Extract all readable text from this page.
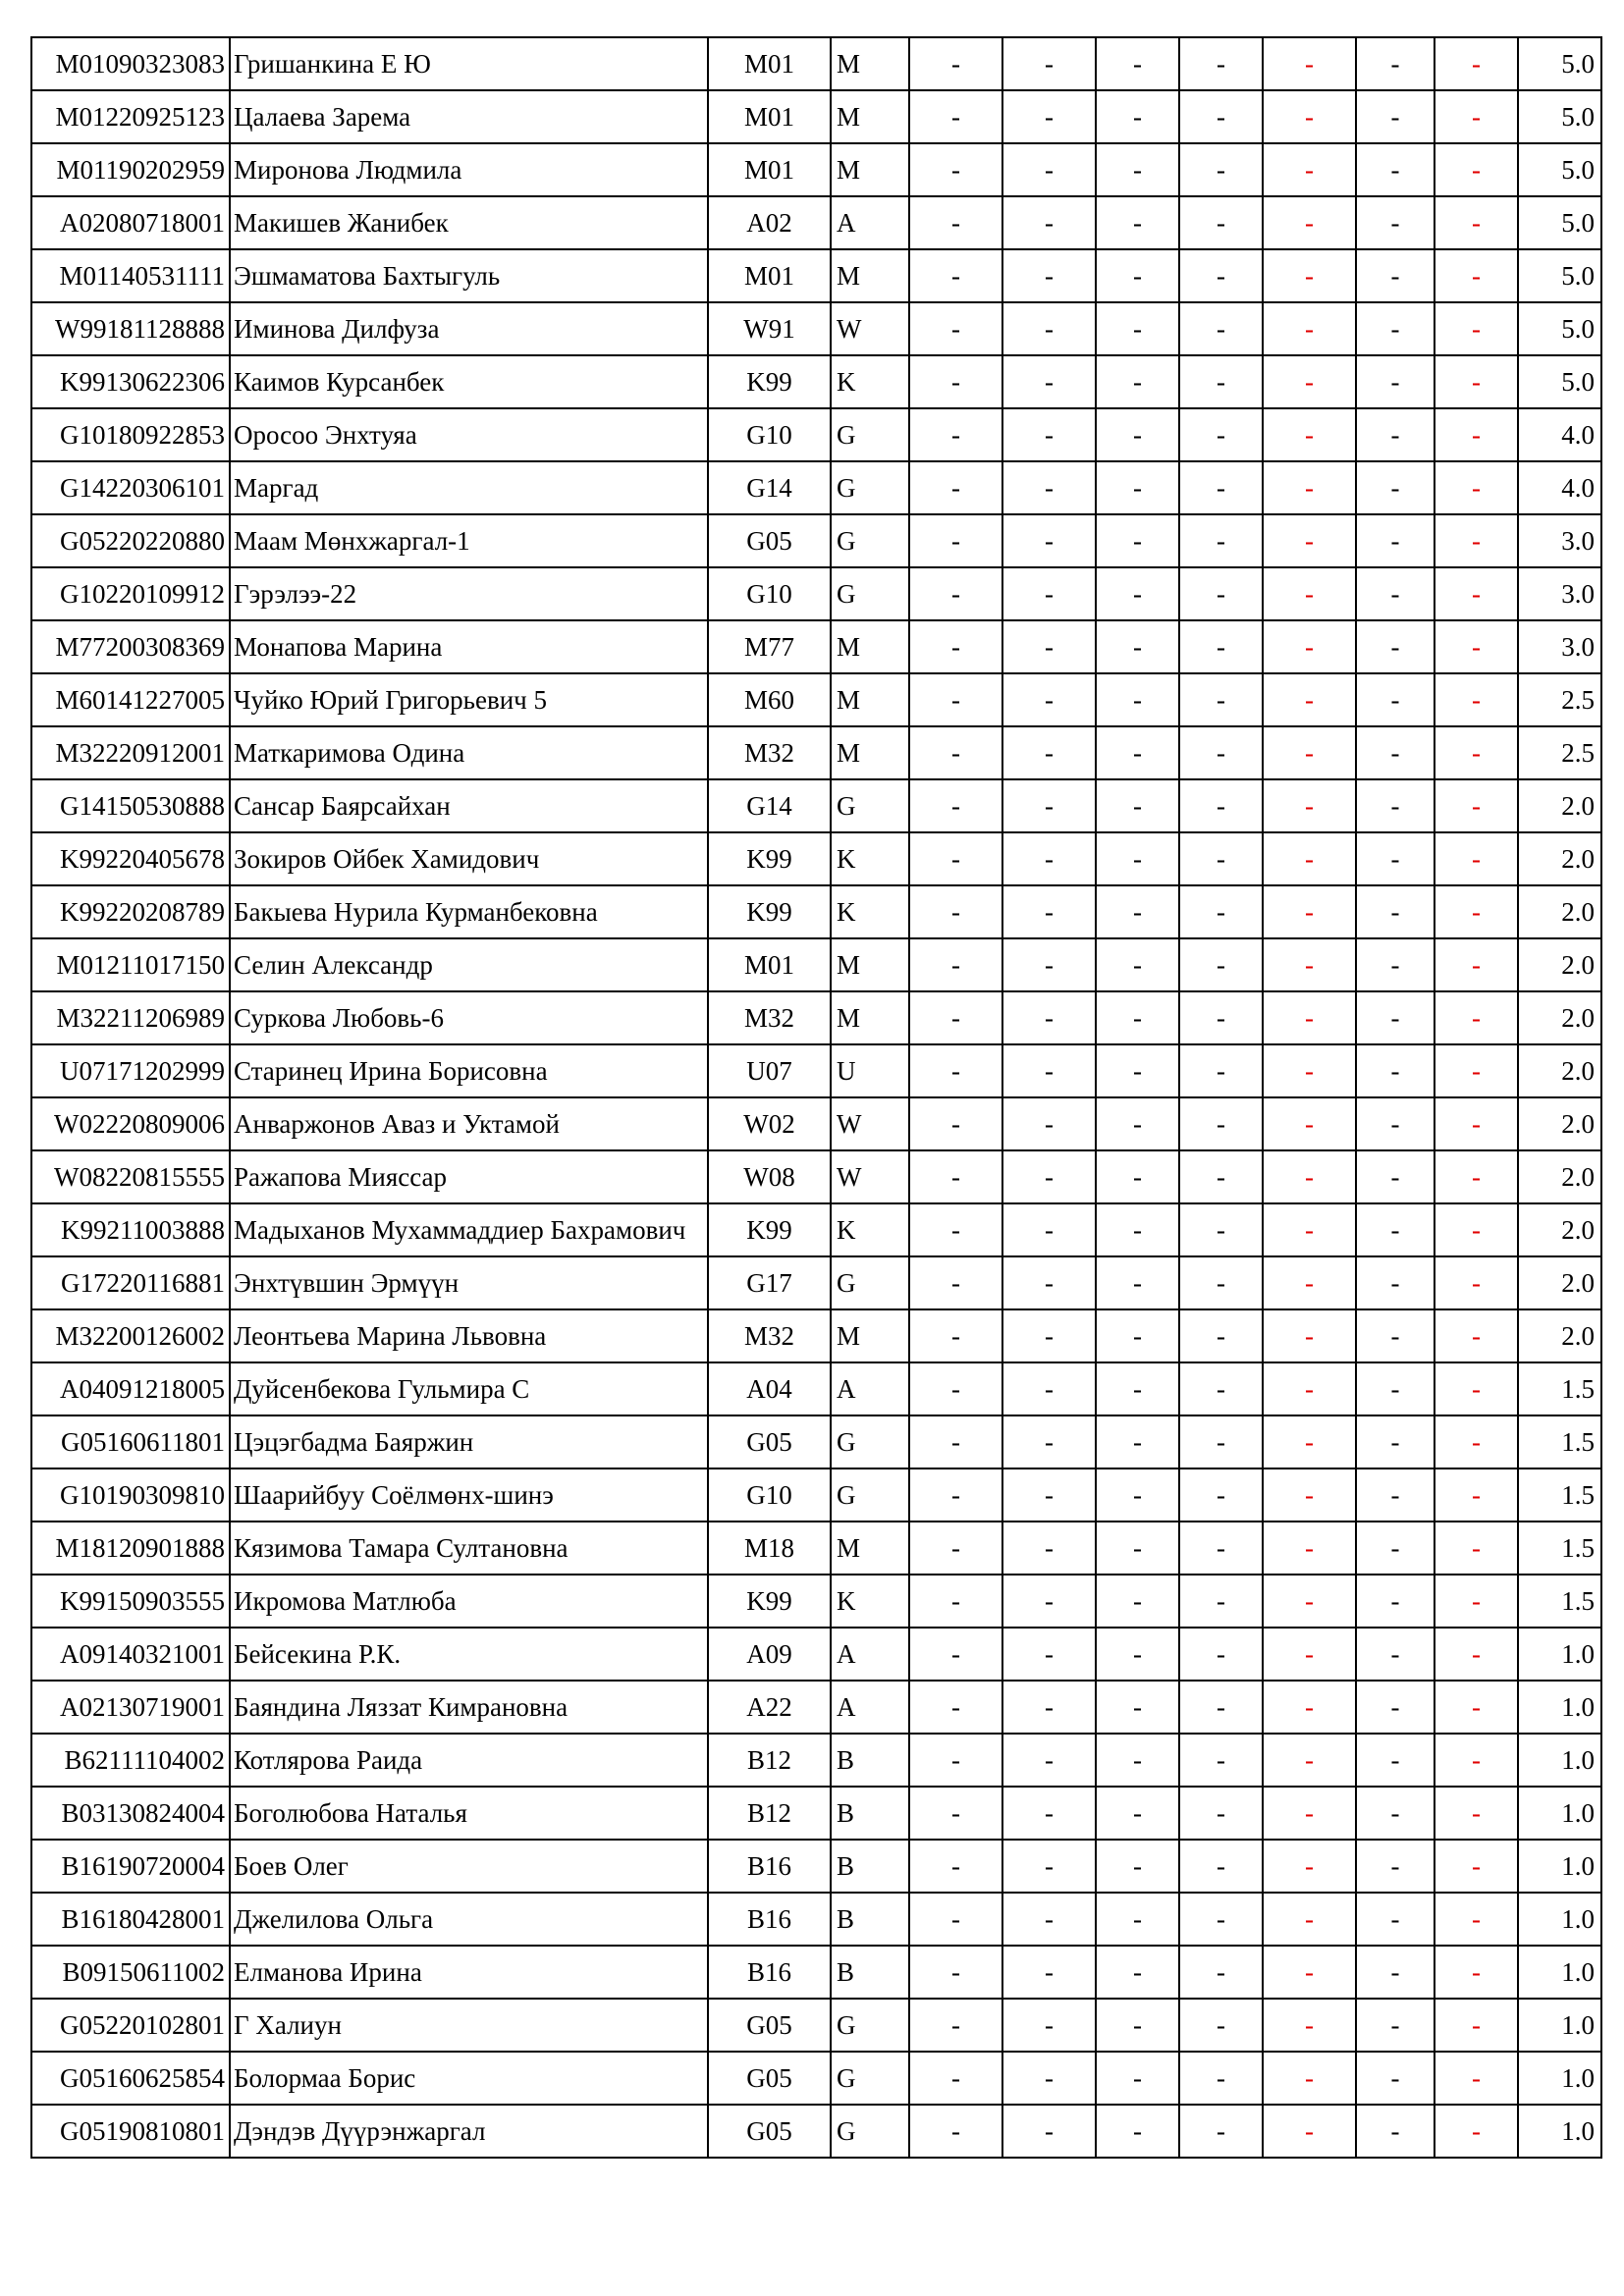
M01090323083	Гришанкина Е Ю	M01	M	-	-	-	-	-	-	-	5.0
M01220925123	Цалаева Зарема	M01	M	-	-	-	-	-	-	-	5.0
M01190202959	Миронова Людмила	M01	M	-	-	-	-	-	-	-	5.0
A02080718001	Макишев Жанибек	A02	A	-	-	-	-	-	-	-	5.0
M01140531111	Эшмаматова Бахтыгуль	M01	M	-	-	-	-	-	-	-	5.0
W99181128888	Иминова Дилфуза	W91	W	-	-	-	-	-	-	-	5.0
K99130622306	Каимов Курсанбек	K99	K	-	-	-	-	-	-	-	5.0
G10180922853	Оросоо Энхтуяа	G10	G	-	-	-	-	-	-	-	4.0
G14220306101	Маргад	G14	G	-	-	-	-	-	-	-	4.0
G05220220880	Маам Мөнхжаргал-1	G05	G	-	-	-	-	-	-	-	3.0
G10220109912	Гэрэлээ-22	G10	G	-	-	-	-	-	-	-	3.0
M77200308369	Монапова Марина	M77	M	-	-	-	-	-	-	-	3.0
M60141227005	Чуйко Юрий Григорьевич 5	M60	M	-	-	-	-	-	-	-	2.5
M32220912001	Маткаримова Одина	M32	M	-	-	-	-	-	-	-	2.5
G14150530888	Сансар Баярсайхан	G14	G	-	-	-	-	-	-	-	2.0
K99220405678	Зокиров Ойбек Хамидович	K99	K	-	-	-	-	-	-	-	2.0
K99220208789	Бакыева Нурила Курманбековна	K99	K	-	-	-	-	-	-	-	2.0
M01211017150	Селин Александр	M01	M	-	-	-	-	-	-	-	2.0
M32211206989	Суркова Любовь-6	M32	M	-	-	-	-	-	-	-	2.0
U07171202999	Старинец Ирина Борисовна	U07	U	-	-	-	-	-	-	-	2.0
W02220809006	Анваржонов Аваз и Уктамой	W02	W	-	-	-	-	-	-	-	2.0
W08220815555	Ражапова Мияссар	W08	W	-	-	-	-	-	-	-	2.0
K99211003888	Мадыханов Мухаммаддиер Бахрамович	K99	K	-	-	-	-	-	-	-	2.0
G17220116881	Энхтүвшин Эрмүүн	G17	G	-	-	-	-	-	-	-	2.0
M32200126002	Леонтьева Марина Львовна	M32	M	-	-	-	-	-	-	-	2.0
A04091218005	Дуйсенбекова Гульмира С	A04	A	-	-	-	-	-	-	-	1.5
G05160611801	Цэцэгбадма Баяржин	G05	G	-	-	-	-	-	-	-	1.5
G10190309810	Шаарийбуу Соёлмөнх-шинэ	G10	G	-	-	-	-	-	-	-	1.5
M18120901888	Кязимова Тамара Султановна	M18	M	-	-	-	-	-	-	-	1.5
K99150903555	Икромова Матлюба	K99	K	-	-	-	-	-	-	-	1.5
A09140321001	Бейсекина Р.К.	A09	A	-	-	-	-	-	-	-	1.0
A02130719001	Баяндина Ляззат Кимрановна	A22	A	-	-	-	-	-	-	-	1.0
B62111104002	Котлярова Раида	B12	B	-	-	-	-	-	-	-	1.0
B03130824004	Боголюбова Наталья	B12	B	-	-	-	-	-	-	-	1.0
B16190720004	Боев Олег	B16	B	-	-	-	-	-	-	-	1.0
B16180428001	Джелилова Ольга	B16	B	-	-	-	-	-	-	-	1.0
B09150611002	Елманова Ирина	B16	B	-	-	-	-	-	-	-	1.0
G05220102801	Г Халиун	G05	G	-	-	-	-	-	-	-	1.0
G05160625854	Болормаа Борис	G05	G	-	-	-	-	-	-	-	1.0
G05190810801	Дэндэв Дүүрэнжаргал	G05	G	-	-	-	-	-	-	-	1.0
